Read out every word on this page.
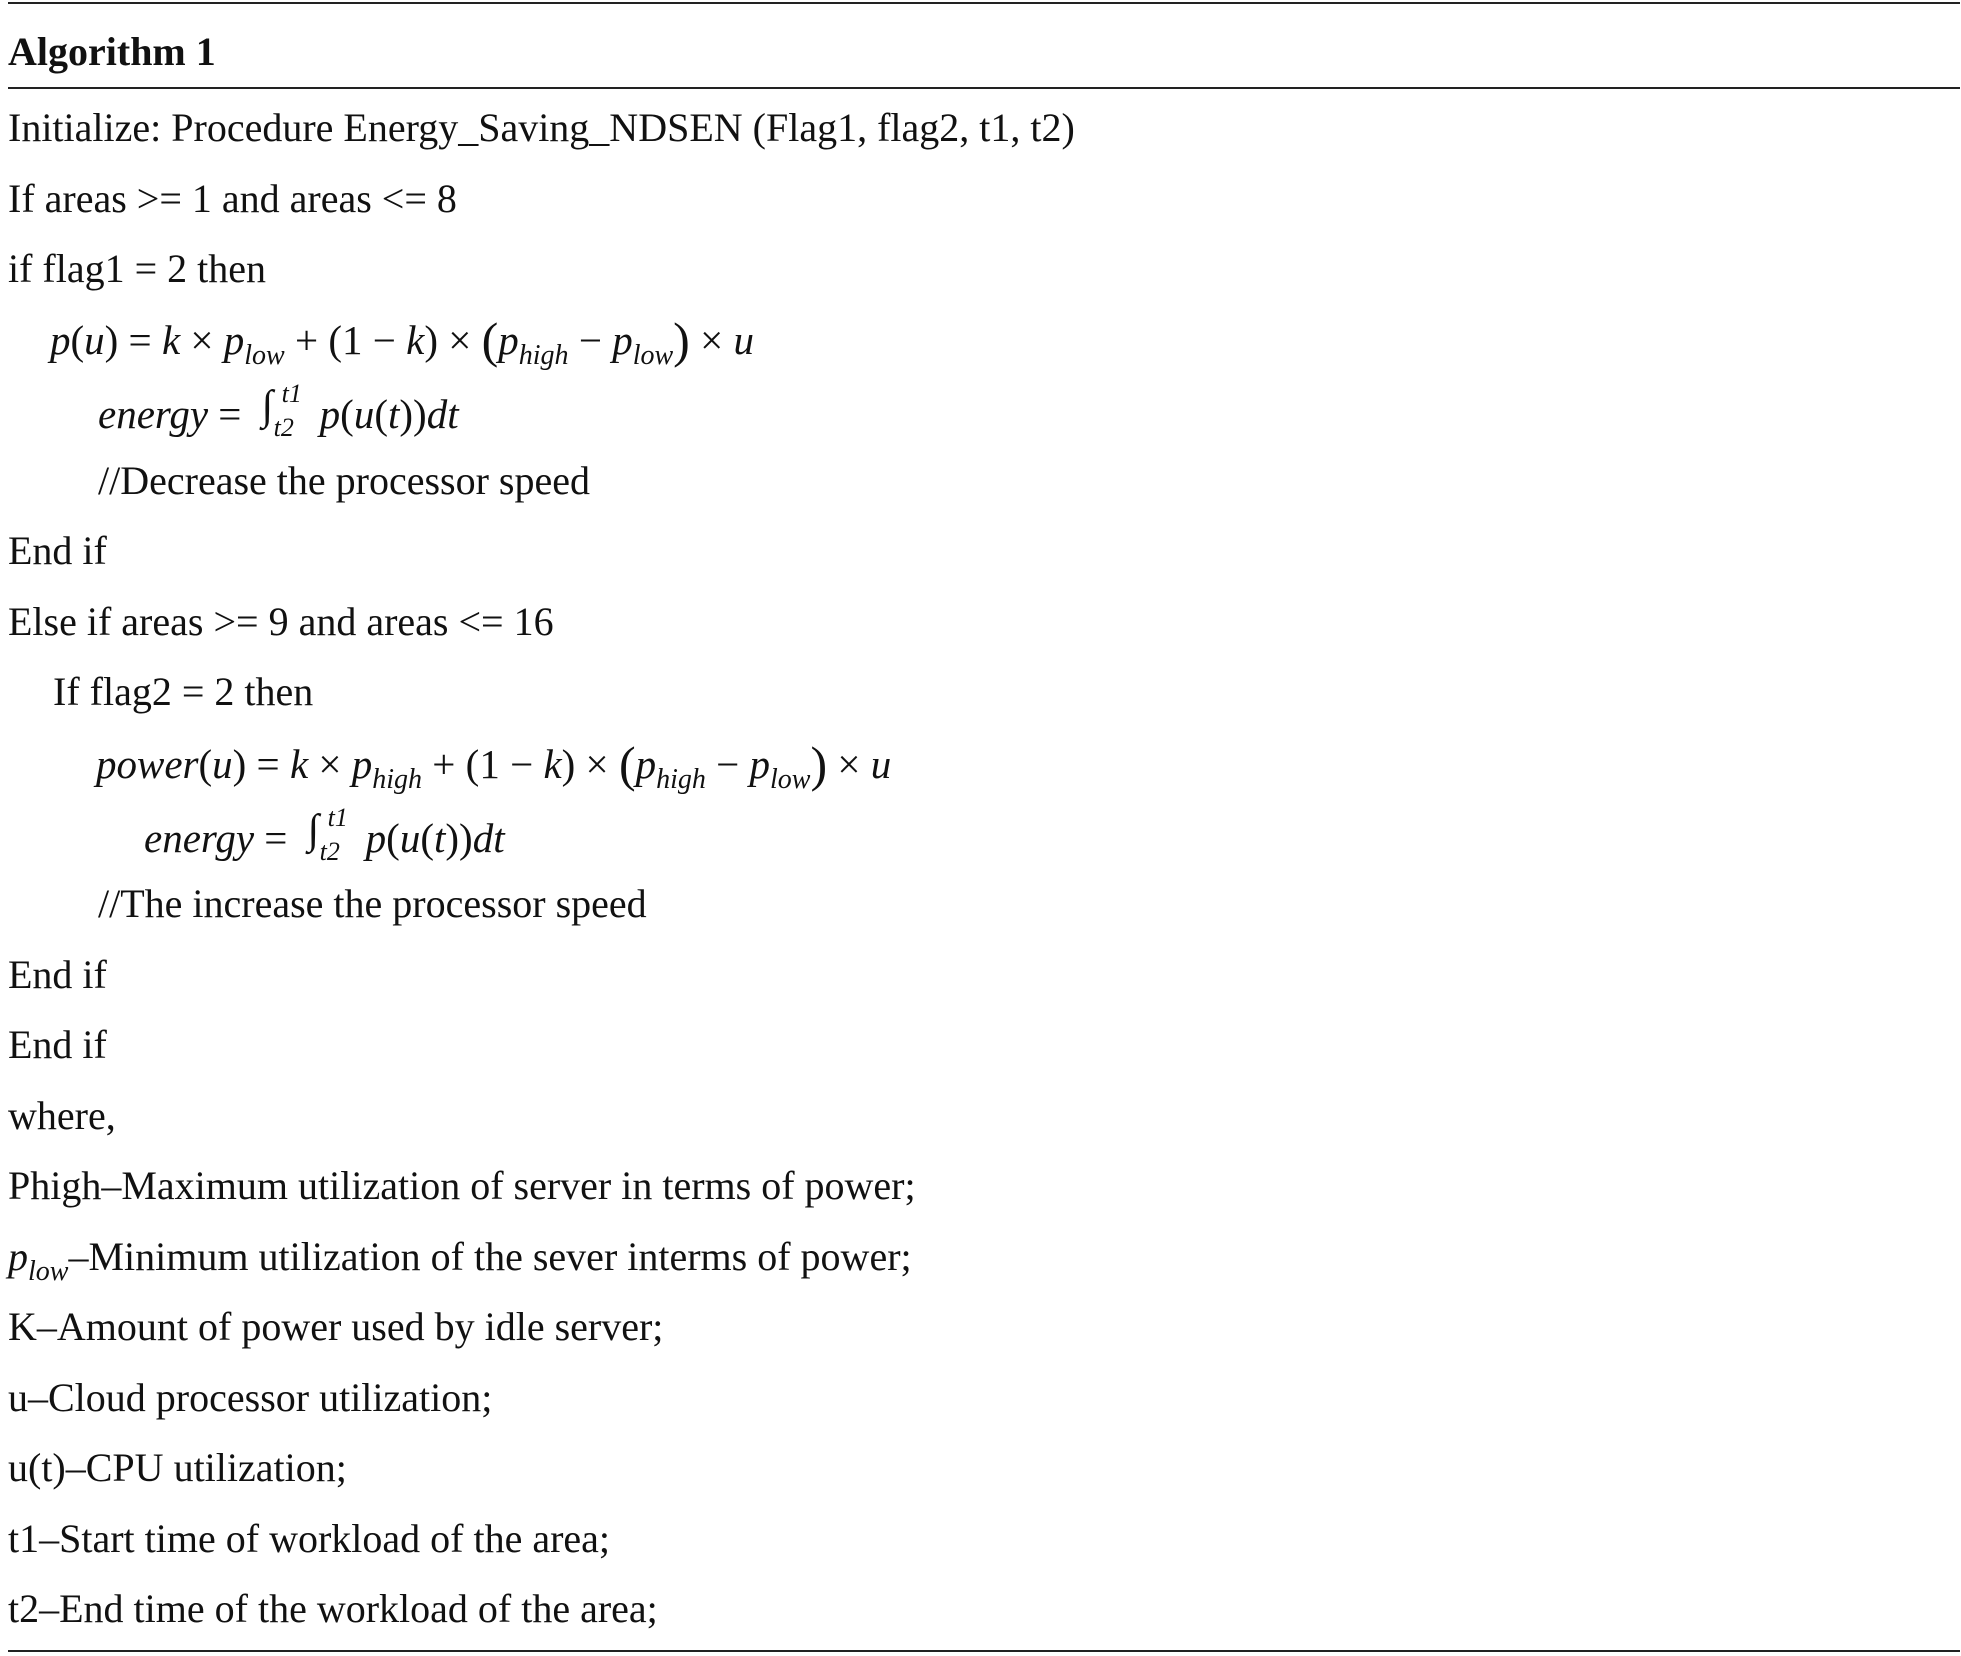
Algorithm 1
Initialize: Procedure Energy_Saving_NDSEN (Flag1, flag2, t1, t2)
If areas >= 1 and areas <= 8
if flag1 = 2 then
$p(u) = k \times p_{low} + (1 - k) \times (p_{high} - p_{low}) \times u$
energy = ∫ t1
t2 p(u(t))dt
//Decrease the processor speed
End if
Else if areas >= 9 and areas <= 16
If flag2 = 2 then
power(u) = $k \times p_{high} + (1 - k) \times (p_{high} - p_{low}) \times u$
energy = ∫ t1
t2 p(u(t))dt
//The increase the processor speed
End if
End if
where,
Phigh–Maximum utilization of server in terms of power;
$p_{low}$–Minimum utilization of the sever interms of power;
K–Amount of power used by idle server;
u–Cloud processor utilization;
u(t)–CPU utilization;
t1–Start time of workload of the area;
t2–End time of the workload of the area;
